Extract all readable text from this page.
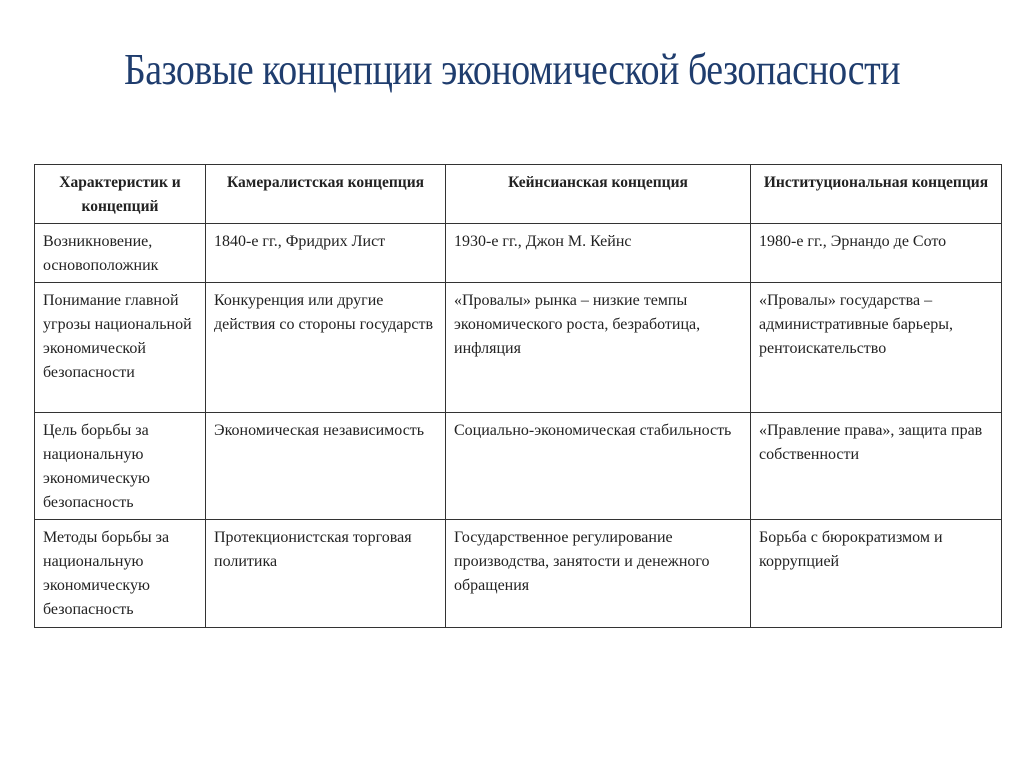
Базовые концепции экономической безопасности
Характеристик и концепций	Камералистская концепция	Кейнсианская концепция	Институциональная концепция
Возникновение, основоположник	1840-е гг., Фридрих Лист	1930-е гг., Джон М. Кейнс	1980-е гг., Эрнандо де Сото
Понимание главной угрозы национальной экономической безопасности	Конкуренция или другие действия со стороны государств	«Провалы» рынка – низкие темпы экономического роста, безработица, инфляция	«Провалы» государства – административные барьеры, рентоискательство
Цель борьбы за национальную экономическую безопасность	Экономическая независимость	Социально-экономическая стабильность	«Правление права», защита прав собственности
Методы борьбы за национальную экономическую безопасность	Протекционистская торговая политика	Государственное регулирование производства, занятости и денежного обращения	Борьба с бюрократизмом и коррупцией
